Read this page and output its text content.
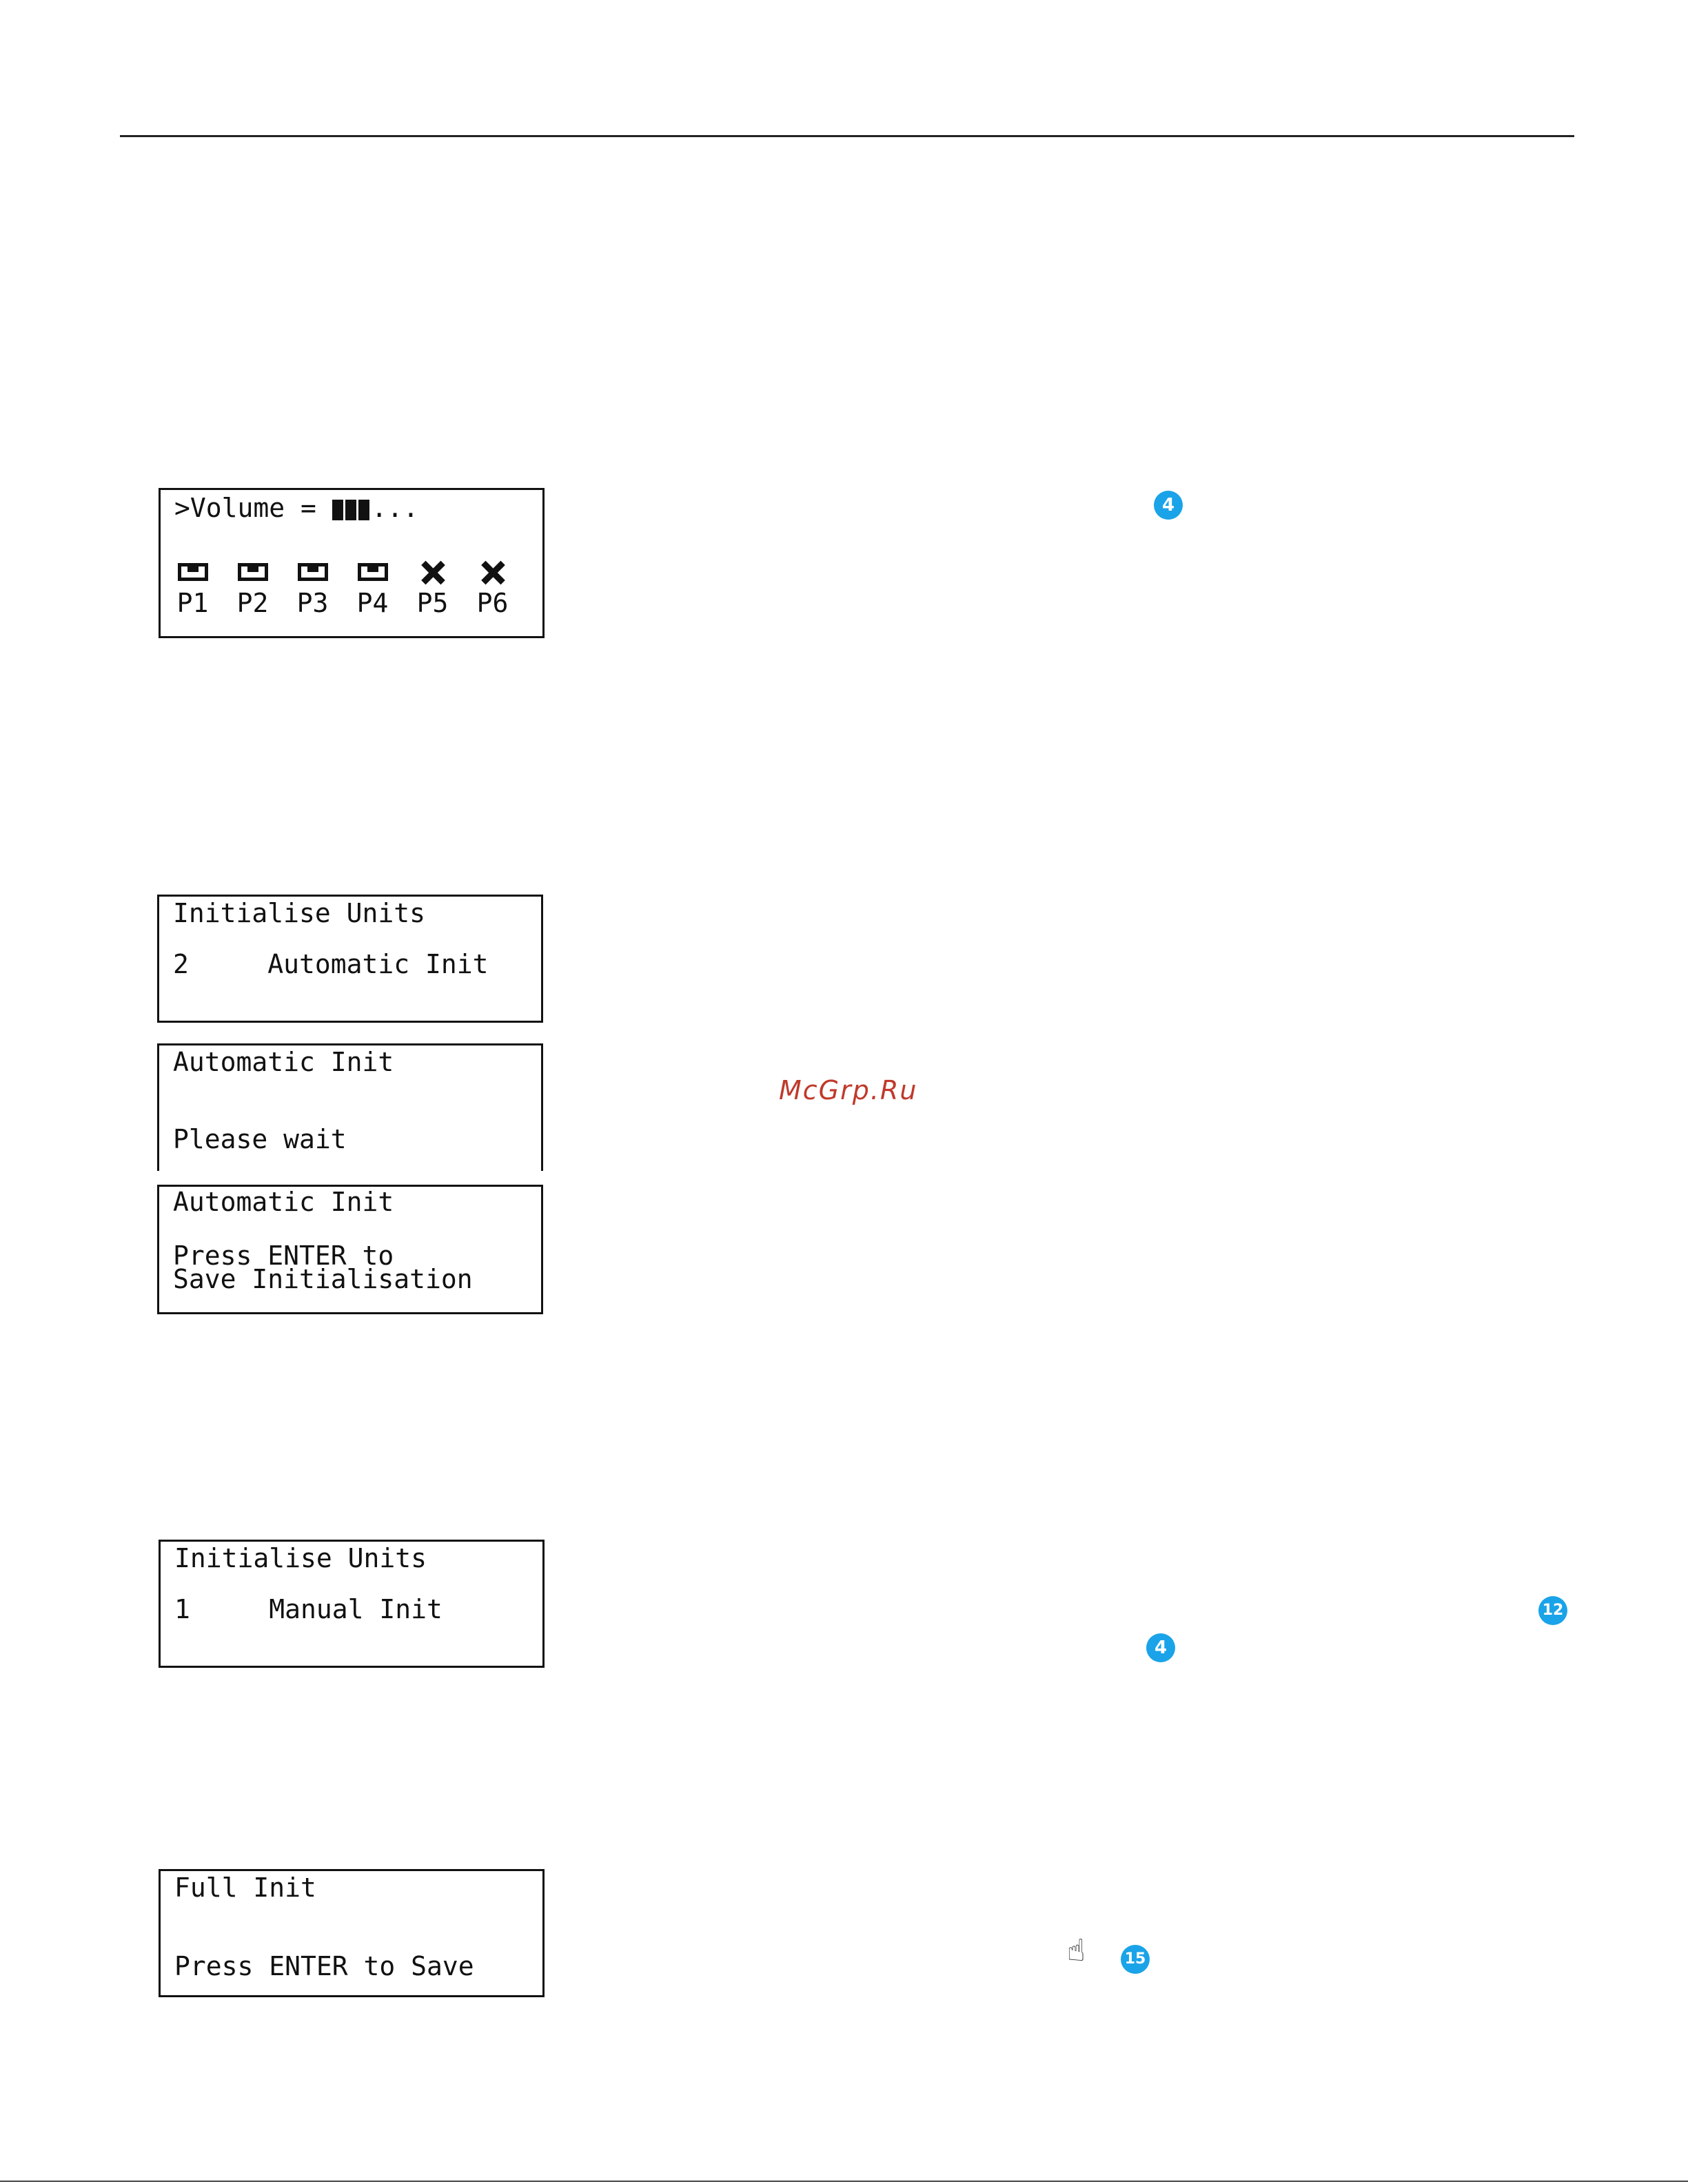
>Volume = ...
P1 P2 P3 P4 P5 P6
Initialise Units
2     Automatic Init
Automatic Init
Please wait
Automatic Init
Press ENTER to
Save Initialisation
Initialise Units
1     Manual Init
Full Init
Press ENTER to Save
4
12
4
15
☝
McGrp.Ru
